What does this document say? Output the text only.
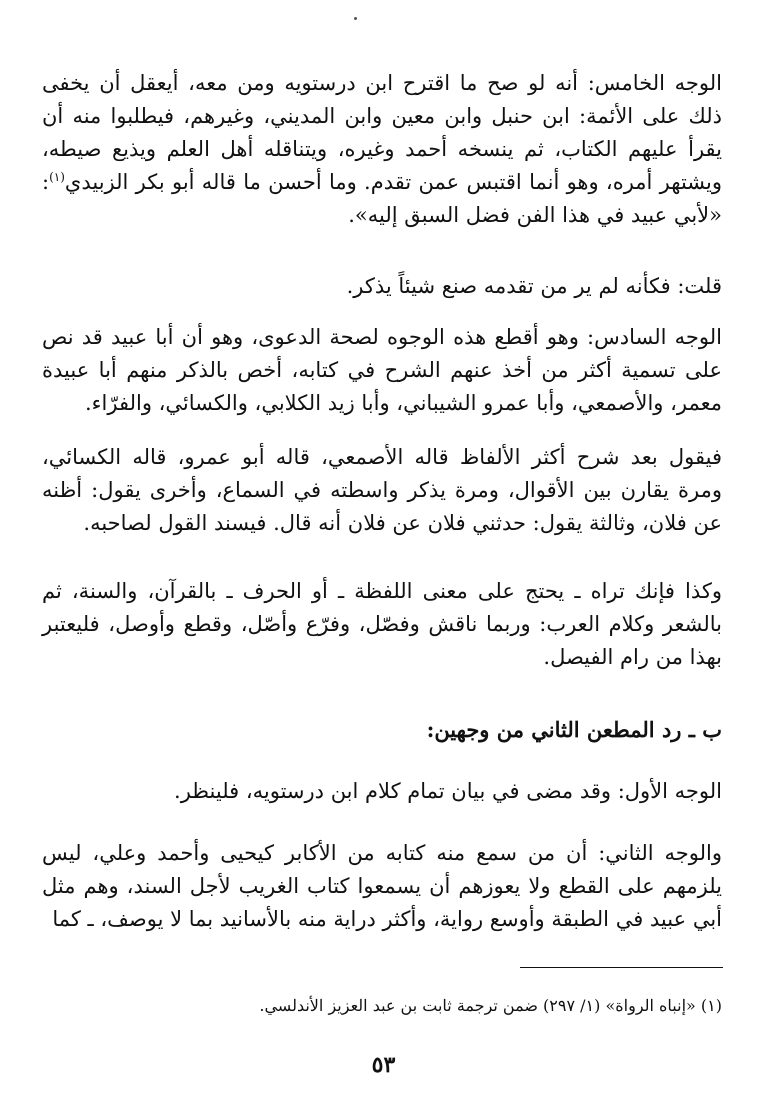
الوجه الخامس: أنه لو صح ما اقترح ابن درستويه ومن معه، أيعقل أن يخفى ذلك على الأئمة: ابن حنبل وابن معين وابن المديني، وغيرهم، فيطلبوا منه أن يقرأ عليهم الكتاب، ثم ينسخه أحمد وغيره، ويتناقله أهل العلم ويذيع صيطه، ويشتهر أمره، وهو أنما اقتبس عمن تقدم. وما أحسن ما قاله أبو بكر الزبيدي$^{(١)}$: «لأبي عبيد في هذا الفن فضل السبق إليه».

قلت: فكأنه لم ير من تقدمه صنع شيئاً يذكر.

الوجه السادس: وهو أقطع هذه الوجوه لصحة الدعوى، وهو أن أبا عبيد قد نص على تسمية أكثر من أخذ عنهم الشرح في كتابه، أخص بالذكر منهم أبا عبيدة معمر، والأصمعي، وأبا عمرو الشيباني، وأبا زيد الكلابي، والكسائي، والفرّاء.

فيقول بعد شرح أكثر الألفاظ قاله الأصمعي، قاله أبو عمرو، قاله الكسائي، ومرة يقارن بين الأقوال، ومرة يذكر واسطته في السماع، وأخرى يقول: أظنه عن فلان، وثالثة يقول: حدثني فلان عن فلان أنه قال. فيسند القول لصاحبه.

وكذا فإنك تراه ـ يحتج على معنى اللفظة ـ أو الحرف ـ بالقرآن، والسنة، ثم بالشعر وكلام العرب: وربما ناقش وفصّل، وفرّع وأصّل، وقطع وأوصل، فليعتبر بهذا من رام الفيصل.

ب ـ رد المطعن الثاني من وجهين:

الوجه الأول: وقد مضى في بيان تمام كلام ابن درستويه، فلينظر.

والوجه الثاني: أن من سمع منه كتابه من الأكابر كيحيى وأحمد وعلي، ليس يلزمهم على القطع ولا يعوزهم أن يسمعوا كتاب الغريب لأجل السند، وهم مثل أبي عبيد في الطبقة وأوسع رواية، وأكثر دراية منه بالأسانيد بما لا يوصف، ـ كما

(١) «إنباه الرواة» (١/ ٢٩٧) ضمن ترجمة ثابت بن عبد العزيز الأندلسي.

٥٣
